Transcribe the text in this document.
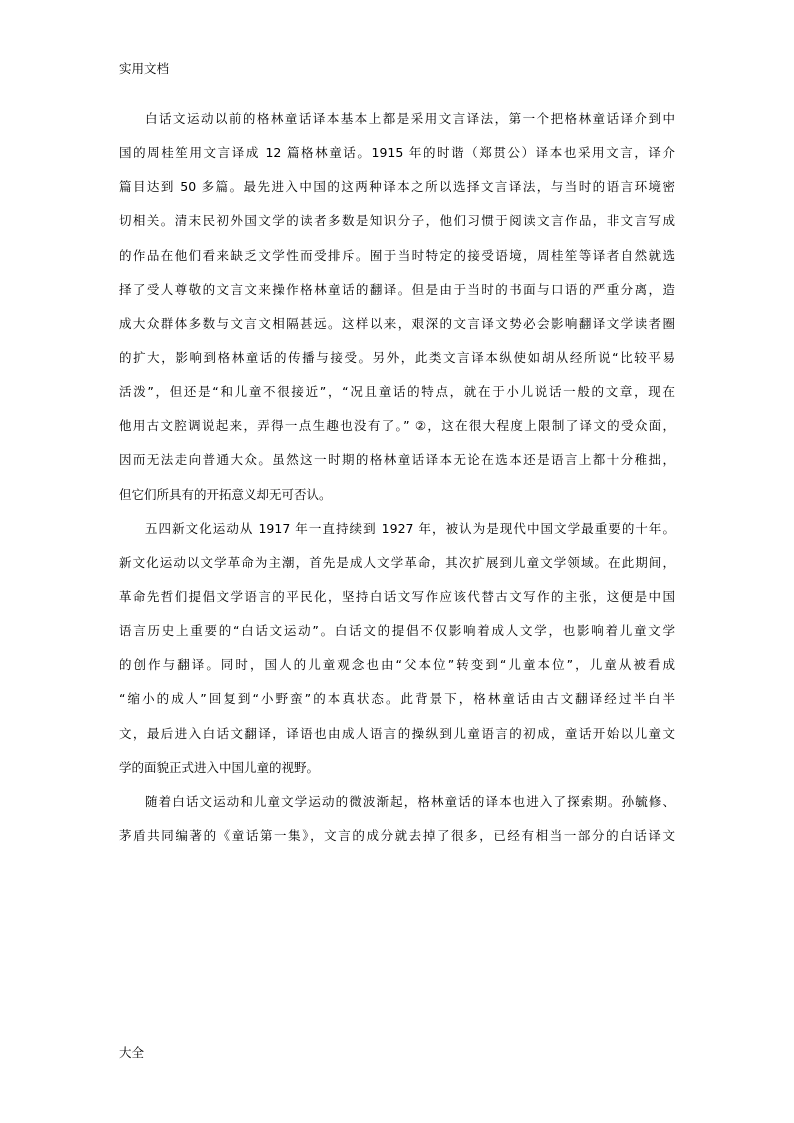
实用文档
白话文运动以前的格林童话译本基本上都是采用文言译法，第一个把格林童话译介到中
国的周桂笙用文言译成 12 篇格林童话。1915 年的时谐（郑贯公）译本也采用文言，译介
篇目达到 50 多篇。最先进入中国的这两种译本之所以选择文言译法，与当时的语言环境密
切相关。清末民初外国文学的读者多数是知识分子，他们习惯于阅读文言作品，非文言写成
的作品在他们看来缺乏文学性而受排斥。囿于当时特定的接受语境，周桂笙等译者自然就选
择了受人尊敬的文言文来操作格林童话的翻译。但是由于当时的书面与口语的严重分离，造
成大众群体多数与文言文相隔甚远。这样以来，艰深的文言译文势必会影响翻译文学读者圈
的扩大，影响到格林童话的传播与接受。另外，此类文言译本纵使如胡从经所说“比较平易
活泼”，但还是“和儿童不很接近”，“况且童话的特点，就在于小儿说话一般的文章，现在
他用古文腔调说起来，弄得一点生趣也没有了。” ②，这在很大程度上限制了译文的受众面，
因而无法走向普通大众。虽然这一时期的格林童话译本无论在选本还是语言上都十分稚拙，
但它们所具有的开拓意义却无可否认。
五四新文化运动从 1917 年一直持续到 1927 年，被认为是现代中国文学最重要的十年。
新文化运动以文学革命为主潮，首先是成人文学革命，其次扩展到儿童文学领域。在此期间，
革命先哲们提倡文学语言的平民化，坚持白话文写作应该代替古文写作的主张，这便是中国
语言历史上重要的“白话文运动”。白话文的提倡不仅影响着成人文学，也影响着儿童文学
的创作与翻译。同时，国人的儿童观念也由“父本位”转变到“儿童本位”，儿童从被看成
“缩小的成人”回复到“小野蛮”的本真状态。此背景下，格林童话由古文翻译经过半白半
文，最后进入白话文翻译，译语也由成人语言的操纵到儿童语言的初成，童话开始以儿童文
学的面貌正式进入中国儿童的视野。
随着白话文运动和儿童文学运动的微波渐起，格林童话的译本也进入了探索期。孙毓修、
茅盾共同编著的《童话第一集》，文言的成分就去掉了很多，已经有相当一部分的白话译文
大全
